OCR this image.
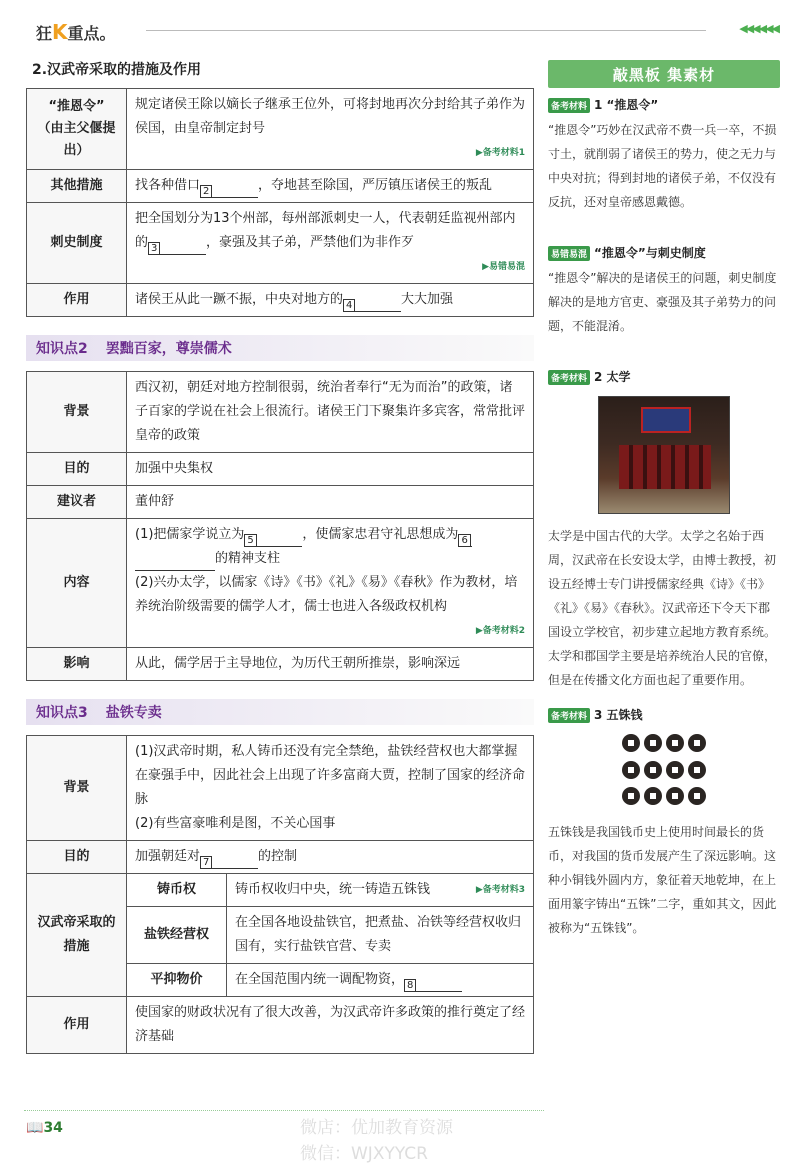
狂K重点。	◀◀◀◀◀◀
2.汉武帝采取的措施及作用
“推恩令”
（由主父偃提出）	规定诸侯王除以嫡长子继承王位外，可将封地再次分封给其子弟作为侯国，由皇帝制定封号

▶备考材料1

其他措施	找各种借口 2 ，夺地甚至除国，严厉镇压诸侯王的叛乱
刺史制度	把全国划分为13个州部，每州部派刺史一人，代表朝廷监视州部内的 3 ，豪强及其子弟，严禁他们为非作歹

▶易错易混

作用	诸侯王从此一蹶不振，中央对地方的 4 大大加强
知识点2 罢黜百家，尊崇儒术
背景	西汉初，朝廷对地方控制很弱，统治者奉行“无为而治”的政策，诸子百家的学说在社会上很流行。诸侯王门下聚集许多宾客，常常批评皇帝的政策
目的	加强中央集权
建议者	董仲舒
内容	(1)把儒家学说立为 5 ，使儒家忠君守礼思想成为 6
的精神支柱
(2)兴办太学，以儒家《诗》《书》《礼》《易》《春秋》作为教材，培养统治阶级需要的儒学人才，儒士也进入各级政权机构

▶备考材料2

影响	从此，儒学居于主导地位，为历代王朝所推崇，影响深远
知识点3 盐铁专卖
背景	(1)汉武帝时期，私人铸币还没有完全禁绝，盐铁经营权也大都掌握在豪强手中，因此社会上出现了许多富商大贾，控制了国家的经济命脉
(2)有些富豪唯利是图，不关心国事	
目的	加强朝廷对 7 的控制	
汉武帝采取的措施	铸币权	铸币权收归中央，统一铸造五铢钱 ▶备考材料3

	盐铁经营权	在全国各地设盐铁官，把煮盐、冶铁等经营权收归国有，实行盐铁官营、专卖
	平抑物价	在全国范围内统一调配物资， 8
作用	使国家的财政状况有了很大改善，为汉武帝许多政策的推行奠定了经济基础	
敲黑板 集素材
备考材料 1 “推恩令”
“推恩令”巧妙在汉武帝不费一兵一卒，不损寸土，就削弱了诸侯王的势力，使之无力与中央对抗；得到封地的诸侯子弟，不仅没有反抗，还对皇帝感恩戴德。
易错易混 “推恩令”与刺史制度
“推恩令”解决的是诸侯王的问题，刺史制度解决的是地方官吏、豪强及其子弟势力的问题，不能混淆。
备考材料 2 太学
太学是中国古代的大学。太学之名始于西周，汉武帝在长安设太学，由博士教授，初设五经博士专门讲授儒家经典《诗》《书》《礼》《易》《春秋》。汉武帝还下令天下郡国设立学校官，初步建立起地方教育系统。太学和郡国学主要是培养统治人民的官僚，但是在传播文化方面也起了重要作用。
备考材料 3 五铢钱
五铢钱是我国钱币史上使用时间最长的货币，对我国的货币发展产生了深远影响。这种小铜钱外圆内方，象征着天地乾坤，在上面用篆字铸出“五铢”二字，重如其文，因此被称为“五铢钱”。
📖34	微店：优加教育资源
微信：WJXYYCR
